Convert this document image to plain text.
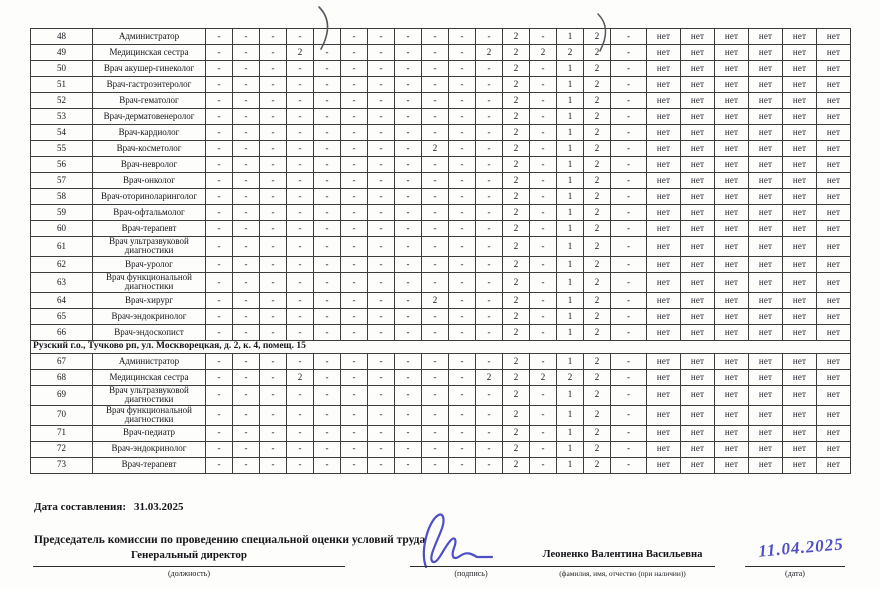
48	Администратор	-	-	-	-		-	-	-	-	-	-	2	-	1	2	-	нет	нет	нет	нет	нет	нет
49	Медицинская сестра	-	-	-	2	-	-	-	-	-	-	2	2	2	2	2	-	нет	нет	нет	нет	нет	нет
50	Врач акушер-гинеколог	-	-	-	-	-	-	-	-	-	-	-	2	-	1	2	-	нет	нет	нет	нет	нет	нет
51	Врач-гастроэнтеролог	-	-	-	-	-	-	-	-	-	-	-	2	-	1	2	-	нет	нет	нет	нет	нет	нет
52	Врач-гематолог	-	-	-	-	-	-	-	-	-	-	-	2	-	1	2	-	нет	нет	нет	нет	нет	нет
53	Врач-дерматовенеролог	-	-	-	-	-	-	-	-	-	-	-	2	-	1	2	-	нет	нет	нет	нет	нет	нет
54	Врач-кардиолог	-	-	-	-	-	-	-	-	-	-	-	2	-	1	2	-	нет	нет	нет	нет	нет	нет
55	Врач-косметолог	-	-	-	-	-	-	-	-	2	-	-	2	-	1	2	-	нет	нет	нет	нет	нет	нет
56	Врач-невролог	-	-	-	-	-	-	-	-	-	-	-	2	-	1	2	-	нет	нет	нет	нет	нет	нет
57	Врач-онколог	-	-	-	-	-	-	-	-	-	-	-	2	-	1	2	-	нет	нет	нет	нет	нет	нет
58	Врач-оториноларинголог	-	-	-	-	-	-	-	-	-	-	-	2	-	1	2	-	нет	нет	нет	нет	нет	нет
59	Врач-офтальмолог	-	-	-	-	-	-	-	-	-	-	-	2	-	1	2	-	нет	нет	нет	нет	нет	нет
60	Врач-терапевт	-	-	-	-	-	-	-	-	-	-	-	2	-	1	2	-	нет	нет	нет	нет	нет	нет
61	Врач ультразвуковой диагностики	-	-	-	-	-	-	-	-	-	-	-	2	-	1	2	-	нет	нет	нет	нет	нет	нет
62	Врач-уролог	-	-	-	-	-	-	-	-	-	-	-	2	-	1	2	-	нет	нет	нет	нет	нет	нет
63	Врач функциональной диагностики	-	-	-	-	-	-	-	-	-	-	-	2	-	1	2	-	нет	нет	нет	нет	нет	нет
64	Врач-хирург	-	-	-	-	-	-	-	-	2	-	-	2	-	1	2	-	нет	нет	нет	нет	нет	нет
65	Врач-эндокринолог	-	-	-	-	-	-	-	-	-	-	-	2	-	1	2	-	нет	нет	нет	нет	нет	нет
66	Врач-эндоскопист	-	-	-	-	-	-	-	-	-	-	-	2	-	1	2	-	нет	нет	нет	нет	нет	нет
Рузский г.о., Тучково рп, ул. Москворецкая, д. 2, к. 4, помещ. 15																							
67	Администратор	-	-	-	-	-	-	-	-	-	-	-	2	-	1	2	-	нет	нет	нет	нет	нет	нет
68	Медицинская сестра	-	-	-	2	-	-	-	-	-	-	2	2	2	2	2	-	нет	нет	нет	нет	нет	нет
69	Врач ультразвуковой диагностики	-	-	-	-	-	-	-	-	-	-	-	2	-	1	2	-	нет	нет	нет	нет	нет	нет
70	Врач функциональной диагностики	-	-	-	-	-	-	-	-	-	-	-	2	-	1	2	-	нет	нет	нет	нет	нет	нет
71	Врач-педиатр	-	-	-	-	-	-	-	-	-	-	-	2	-	1	2	-	нет	нет	нет	нет	нет	нет
72	Врач-эндокринолог	-	-	-	-	-	-	-	-	-	-	-	2	-	1	2	-	нет	нет	нет	нет	нет	нет
73	Врач-терапевт	-	-	-	-	-	-	-	-	-	-	-	2	-	1	2	-	нет	нет	нет	нет	нет	нет
Дата составления: 31.03.2025
Председатель комиссии по проведению специальной оценки условий труда
Генеральный директор
(должность)	(подпись)
Леоненко Валентина Васильевна
(фамилия, имя, отчество (при наличии))
11.04.2025
(дата)
